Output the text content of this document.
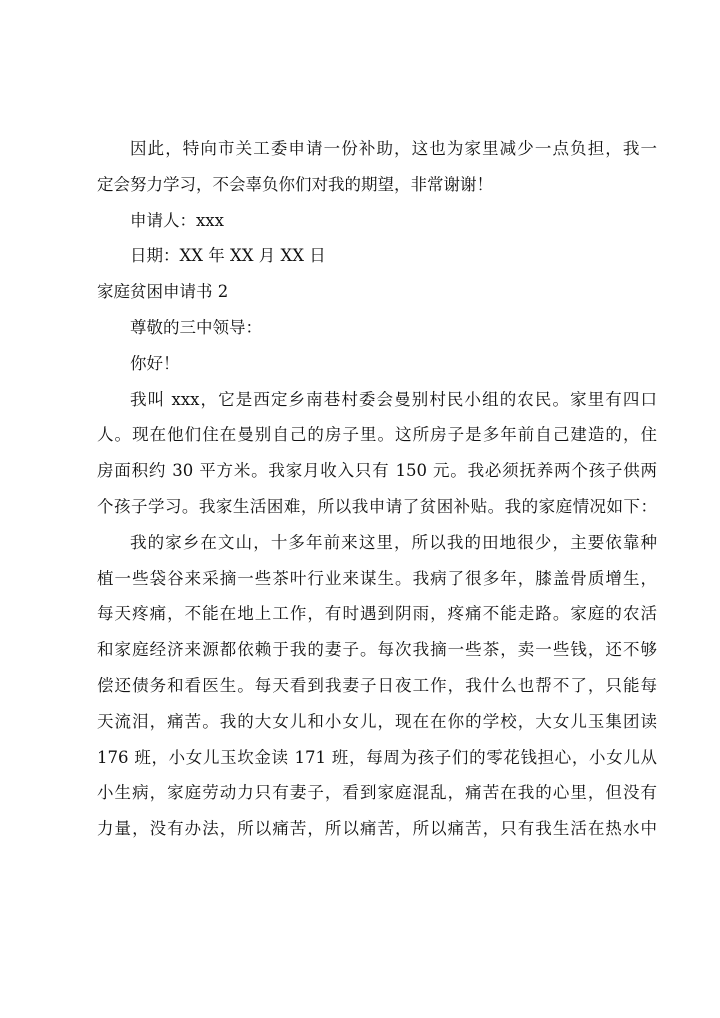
因此，特向市关工委申请一份补助，这也为家里减少一点负担，我一
定会努力学习，不会辜负你们对我的期望，非常谢谢！
申请人：xxx
日期：XX 年 XX 月 XX 日
家庭贫困申请书 2
尊敬的三中领导：
你好！
我叫 xxx，它是西定乡南巷村委会曼别村民小组的农民。家里有四口
人。现在他们住在曼别自己的房子里。这所房子是多年前自己建造的，住
房面积约 30 平方米。我家月收入只有 150 元。我必须抚养两个孩子供两
个孩子学习。我家生活困难，所以我申请了贫困补贴。我的家庭情况如下：
我的家乡在文山，十多年前来这里，所以我的田地很少，主要依靠种
植一些袋谷来采摘一些茶叶行业来谋生。我病了很多年，膝盖骨质增生，
每天疼痛，不能在地上工作，有时遇到阴雨，疼痛不能走路。家庭的农活
和家庭经济来源都依赖于我的妻子。每次我摘一些茶，卖一些钱，还不够
偿还债务和看医生。每天看到我妻子日夜工作，我什么也帮不了，只能每
天流泪，痛苦。我的大女儿和小女儿，现在在你的学校，大女儿玉集团读
176 班，小女儿玉坎金读 171 班，每周为孩子们的零花钱担心，小女儿从
小生病，家庭劳动力只有妻子，看到家庭混乱，痛苦在我的心里，但没有
力量，没有办法，所以痛苦，所以痛苦，所以痛苦，只有我生活在热水中
